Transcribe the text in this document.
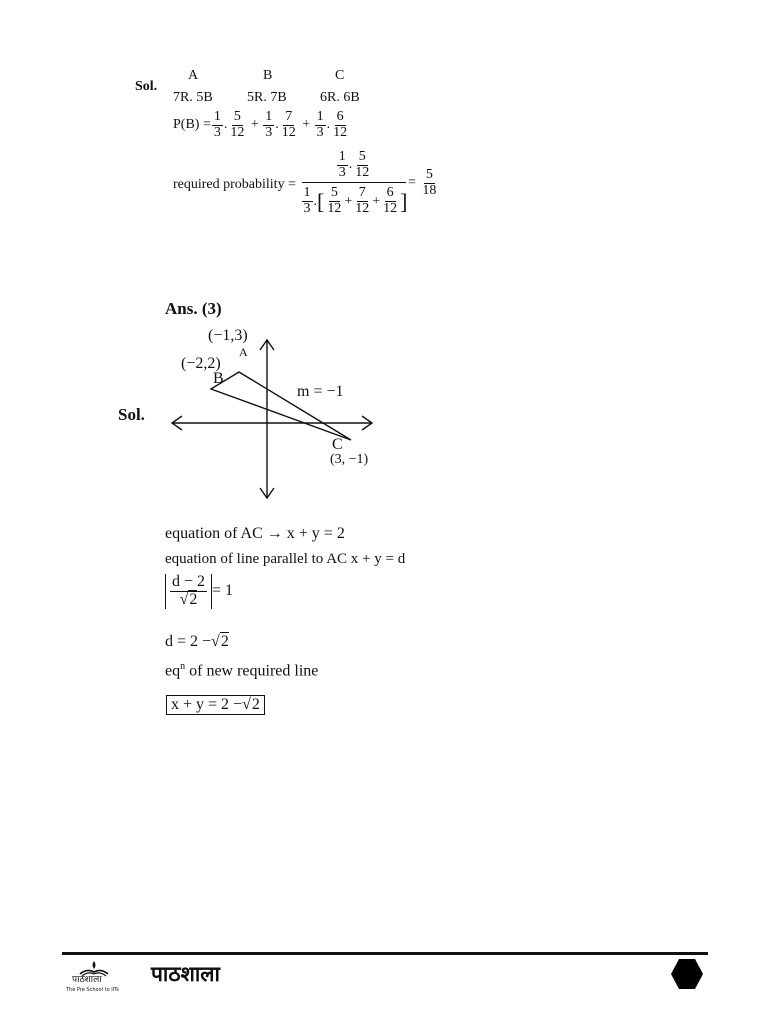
Sol.
A	B	C
7R. 5B 5R. 7B 6R. 6B
$P(B) = \frac{1}{3}$ . $\frac{5}{12} + \frac{1}{3}$ . $\frac{7}{12} + \frac{1}{3}$ . $\frac{6}{12}$
required probability = $\frac{\frac{1}{3} . \frac{5}{12}}{\frac{1}{3} . [ \frac{5}{12} + \frac{7}{12} + \frac{6}{12} ]} = \frac{5}{18}$
Ans. (3)
Sol.
(−1,3)
A
(−2,2)
B
m = −1
C
(3, −1)
equation of AC → x + y = 2
equation of line parallel to AC x + y = d
$\frac{d - 2}{√2} = 1$
d = 2 −√2
$eq^n$ of new required line
x + y = 2 −√2
पाठशाला
The Pre School to IITs
पाठशाला
